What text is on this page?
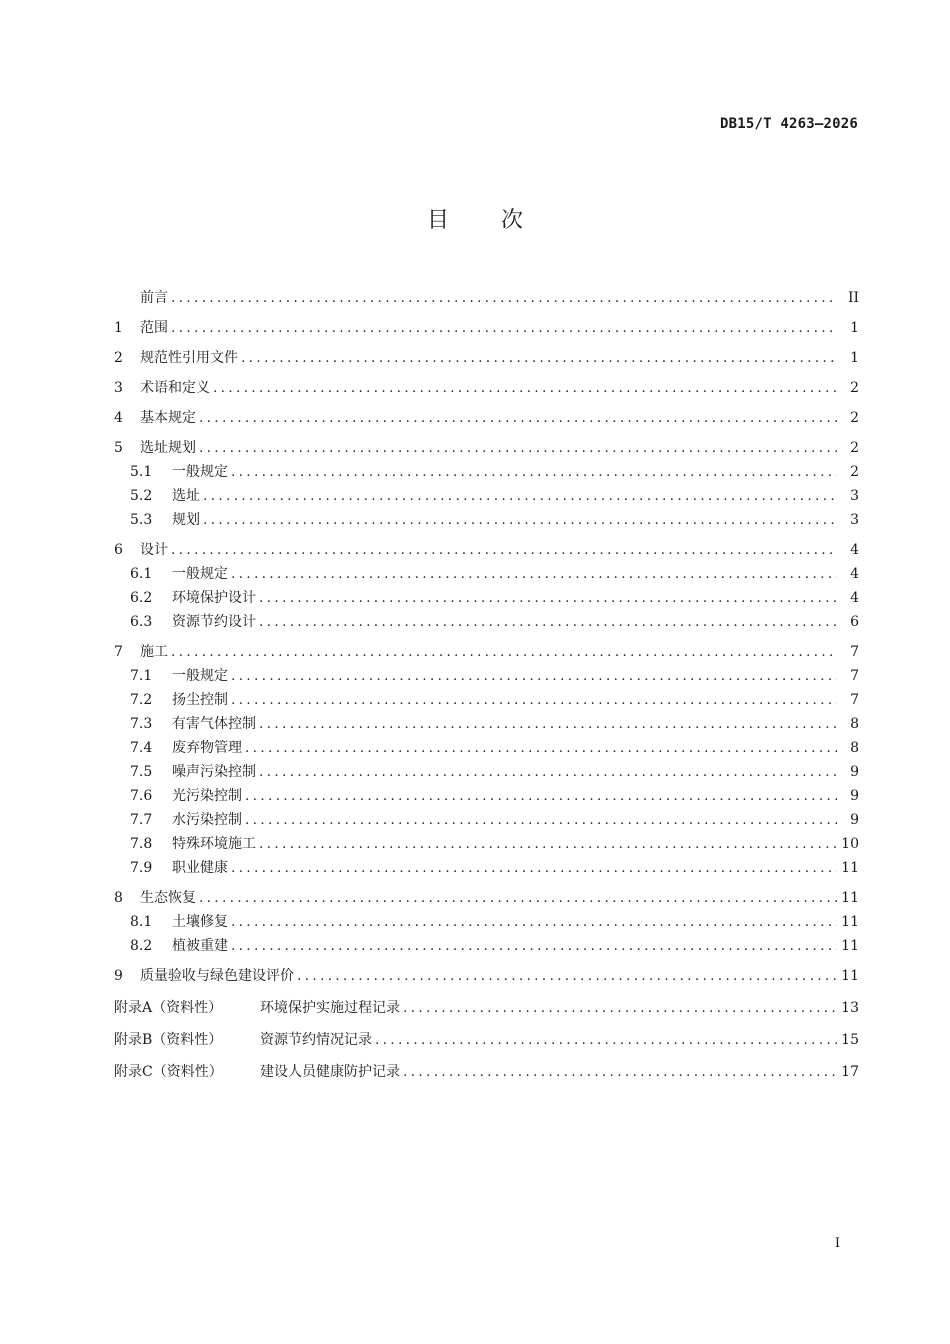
DB15/T 4263—2026
目次
前言 .....	II
1	范围 .....	1
2	规范性引用文件 .....	1
3	术语和定义 .....	2
4	基本规定 .....	2
5	选址规划 .....	2
5.1	一般规定 .....	2
5.2	选址 .....	3
5.3	规划 .....	3
6	设计 .....	4
6.1	一般规定 .....	4
6.2	环境保护设计 .....	4
6.3	资源节约设计 .....	6
7	施工 .....	7
7.1	一般规定 .....	7
7.2	扬尘控制 .....	7
7.3	有害气体控制 .....	8
7.4	废弃物管理 .....	8
7.5	噪声污染控制 .....	9
7.6	光污染控制 .....	9
7.7	水污染控制 .....	9
7.8	特殊环境施工 .....	10
7.9	职业健康 .....	11
8	生态恢复 .....	11
8.1	土壤修复 .....	11
8.2	植被重建 .....	11
9	质量验收与绿色建设评价 .....	11
附录A（资料性）	环境保护实施过程记录 .....	13
附录B（资料性）	资源节约情况记录 .....	15
附录C（资料性）	建设人员健康防护记录 .....	17
I
